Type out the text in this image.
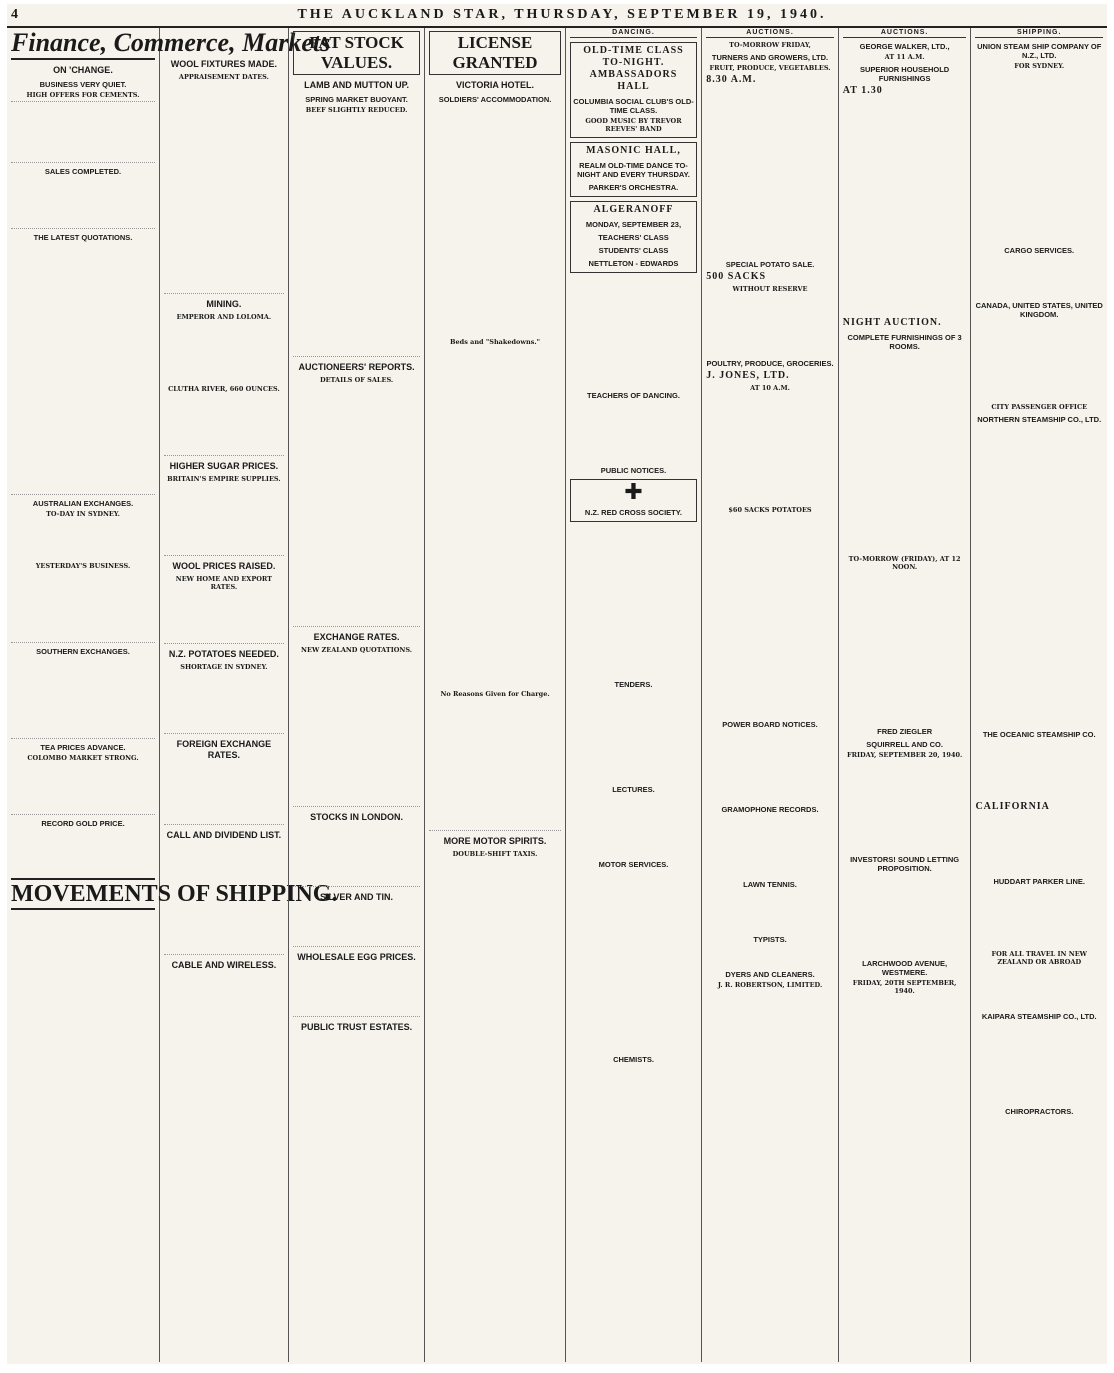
4	THE AUCKLAND STAR, THURSDAY, SEPTEMBER 19, 1940.
Finance, Commerce, Markets
ON 'CHANGE.
BUSINESS VERY QUIET.
HIGH OFFERS FOR CEMENTS.
SALES COMPLETED.
THE LATEST QUOTATIONS.
AUSTRALIAN EXCHANGES.
TO-DAY IN SYDNEY.
YESTERDAY'S BUSINESS.
SOUTHERN EXCHANGES.
TEA PRICES ADVANCE.
COLOMBO MARKET STRONG.
RECORD GOLD PRICE.
MOVEMENTS OF SHIPPING.
WOOL FIXTURES MADE.
APPRAISEMENT DATES.
MINING.
EMPEROR AND LOLOMA.
CLUTHA RIVER, 660 OUNCES.
HIGHER SUGAR PRICES.
BRITAIN'S EMPIRE SUPPLIES.
WOOL PRICES RAISED.
NEW HOME AND EXPORT RATES.
N.Z. POTATOES NEEDED.
SHORTAGE IN SYDNEY.
FOREIGN EXCHANGE RATES.
CALL AND DIVIDEND LIST.
CABLE AND WIRELESS.
FAT STOCK VALUES.
LAMB AND MUTTON UP.
SPRING MARKET BUOYANT.
BEEF SLIGHTLY REDUCED.
AUCTIONEERS' REPORTS.
DETAILS OF SALES.
EXCHANGE RATES.
NEW ZEALAND QUOTATIONS.
STOCKS IN LONDON.
SILVER AND TIN.
WHOLESALE EGG PRICES.
PUBLIC TRUST ESTATES.
LICENSE GRANTED
VICTORIA HOTEL.
SOLDIERS' ACCOMMODATION.
Beds and "Shakedowns."
No Reasons Given for Charge.
MORE MOTOR SPIRITS.
DOUBLE-SHIFT TAXIS.
DANCING.
OLD-TIME CLASS TO-NIGHT.
AMBASSADORS HALL
COLUMBIA SOCIAL CLUB'S OLD-TIME CLASS.
GOOD MUSIC BY TREVOR REEVES' BAND
MASONIC HALL,
REALM OLD-TIME DANCE TO-NIGHT AND EVERY THURSDAY.
PARKER'S ORCHESTRA.
ALGERANOFF
MONDAY, SEPTEMBER 23,
TEACHERS' CLASS
STUDENTS' CLASS
NETTLETON - EDWARDS
TEACHERS OF DANCING.
PUBLIC NOTICES.
✚
N.Z. RED CROSS SOCIETY.
TENDERS.
LECTURES.
MOTOR SERVICES.
CHEMISTS.
AUCTIONS.
TO-MORROW FRIDAY,
TURNERS AND GROWERS, LTD.
FRUIT, PRODUCE, VEGETABLES.
8.30 A.M.
SPECIAL POTATO SALE.
500 SACKS
WITHOUT RESERVE
POULTRY, PRODUCE, GROCERIES.
J. JONES, LTD.
AT 10 A.M.
$60 SACKS POTATOES
POWER BOARD NOTICES.
GRAMOPHONE RECORDS.
LAWN TENNIS.
TYPISTS.
DYERS AND CLEANERS.
J. R. ROBERTSON, LIMITED.
AUCTIONS.
GEORGE WALKER, LTD.,
AT 11 A.M.
SUPERIOR HOUSEHOLD FURNISHINGS
AT 1.30
NIGHT AUCTION.
COMPLETE FURNISHINGS OF 3 ROOMS.
TO-MORROW (FRIDAY), AT 12 NOON.
FRED ZIEGLER
SQUIRRELL AND CO.
FRIDAY, SEPTEMBER 20, 1940.
INVESTORS! SOUND LETTING PROPOSITION.
LARCHWOOD AVENUE, WESTMERE.
FRIDAY, 20TH SEPTEMBER, 1940.
SHIPPING.
UNION STEAM SHIP COMPANY OF N.Z., LTD.
FOR SYDNEY.
CARGO SERVICES.
CANADA, UNITED STATES, UNITED KINGDOM.
CITY PASSENGER OFFICE
NORTHERN STEAMSHIP CO., LTD.
THE OCEANIC STEAMSHIP CO.
CALIFORNIA
HUDDART PARKER LINE.
FOR ALL TRAVEL IN NEW ZEALAND OR ABROAD
KAIPARA STEAMSHIP CO., LTD.
CHIROPRACTORS.
